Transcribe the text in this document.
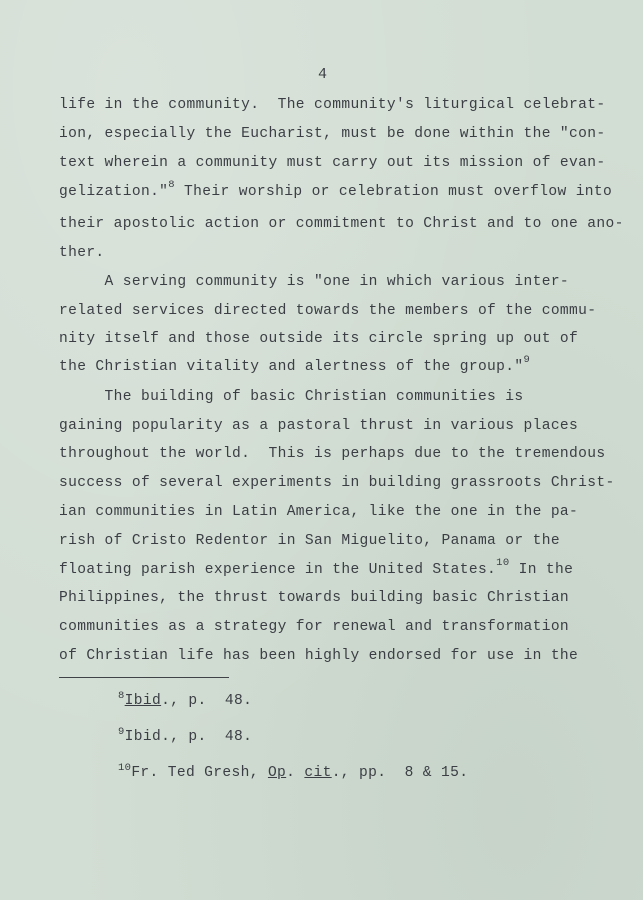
4
life in the community.  The community's liturgical celebrat-
ion, especially the Eucharist, must be done within the "con-
text wherein a community must carry out its mission of evan-
gelization."$^8$ Their worship or celebration must overflow into
their apostolic action or commitment to Christ and to one ano-
ther.
A serving community is "one in which various inter-
related services directed towards the members of the commu-
nity itself and those outside its circle spring up out of
the Christian vitality and alertness of the group."$^9$
The building of basic Christian communities is
gaining popularity as a pastoral thrust in various places
throughout the world.  This is perhaps due to the tremendous
success of several experiments in building grassroots Christ-
ian communities in Latin America, like the one in the pa-
rish of Cristo Redentor in San Miguelito, Panama or the
floating parish experience in the United States.$^{10}$ In the
Philippines, the thrust towards building basic Christian
communities as a strategy for renewal and transformation
of Christian life has been highly endorsed for use in the
$^8$Ibid., p.  48.
$^9$Ibid., p.  48.
$^{10}$Fr. Ted Gresh, Op. cit., pp.  8 & 15.
